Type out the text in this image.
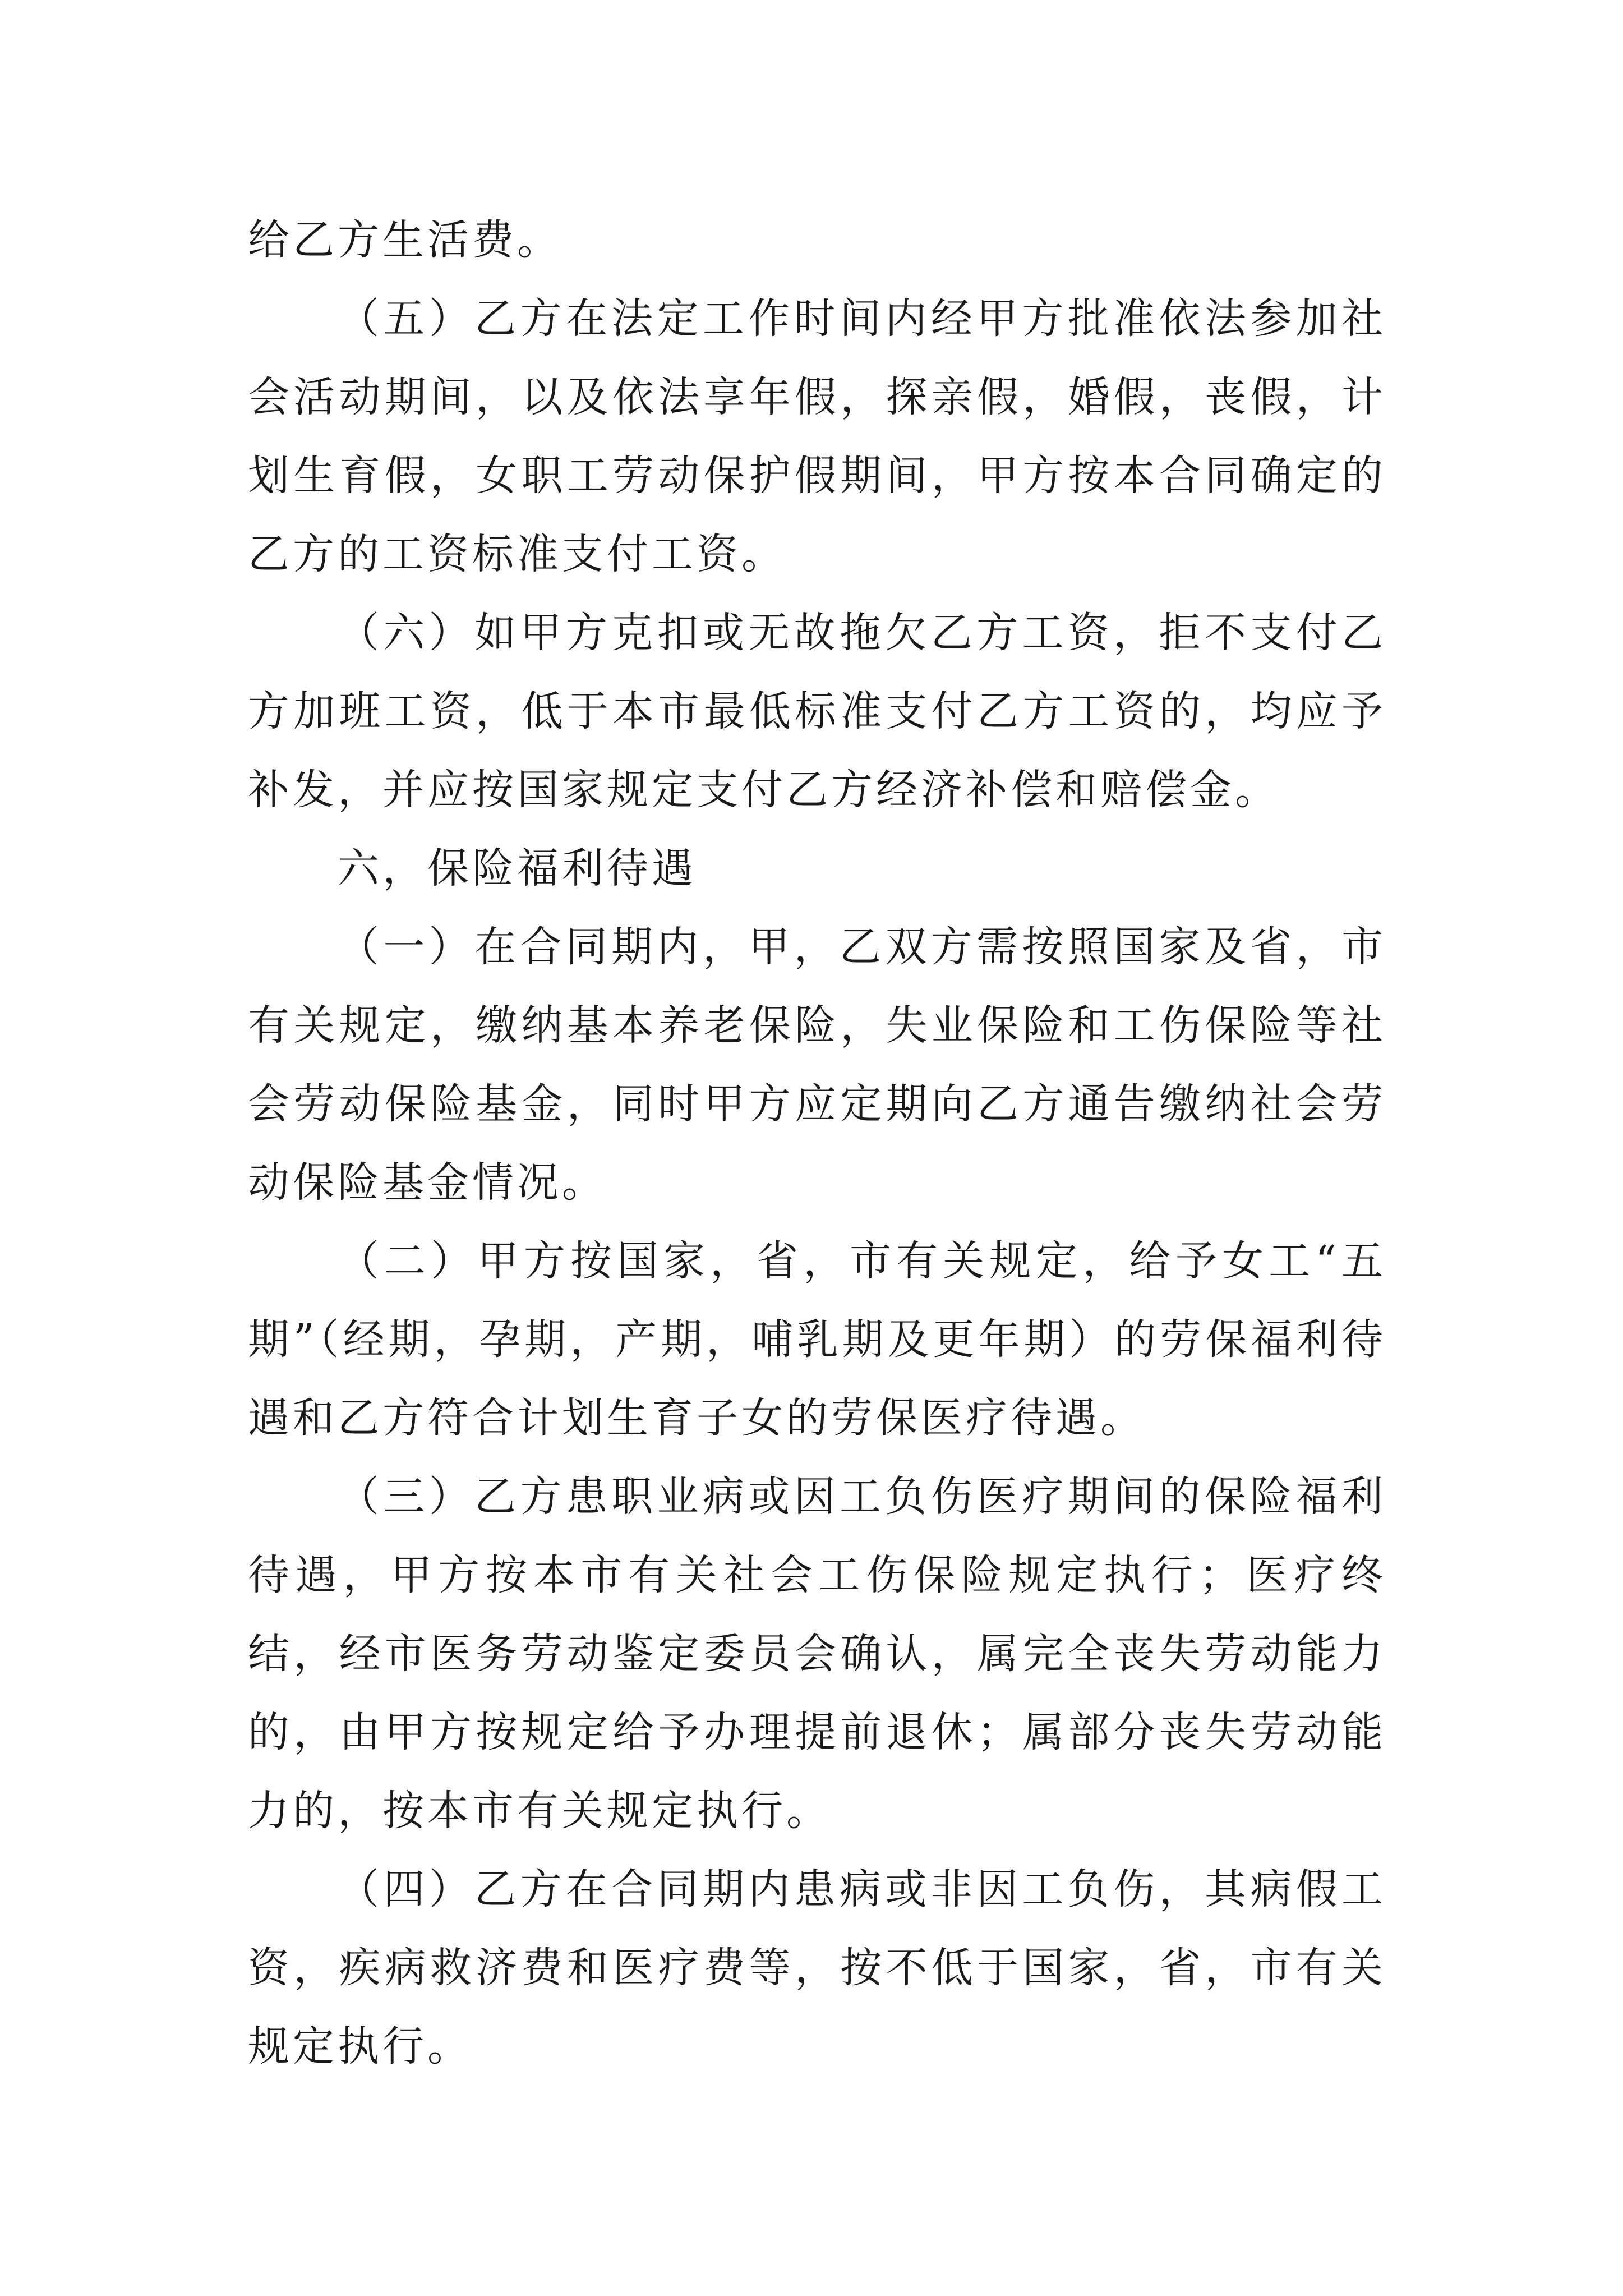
给乙方生活费。

（五）乙方在法定工作时间内经甲方批准依法参加社会活动期间，以及依法享年假，探亲假，婚假，丧假，计划生育假，女职工劳动保护假期间，甲方按本合同确定的乙方的工资标准支付工资。

（六）如甲方克扣或无故拖欠乙方工资，拒不支付乙方加班工资，低于本市最低标准支付乙方工资的，均应予补发，并应按国家规定支付乙方经济补偿和赔偿金。

六，保险福利待遇

（一）在合同期内，甲，乙双方需按照国家及省，市有关规定，缴纳基本养老保险，失业保险和工伤保险等社会劳动保险基金，同时甲方应定期向乙方通告缴纳社会劳动保险基金情况。

（二）甲方按国家，省，市有关规定，给予女工“五期”（经期，孕期，产期，哺乳期及更年期）的劳保福利待遇和乙方符合计划生育子女的劳保医疗待遇。

（三）乙方患职业病或因工负伤医疗期间的保险福利待遇，甲方按本市有关社会工伤保险规定执行；医疗终结，经市医务劳动鉴定委员会确认，属完全丧失劳动能力的，由甲方按规定给予办理提前退休；属部分丧失劳动能力的，按本市有关规定执行。

（四）乙方在合同期内患病或非因工负伤，其病假工资，疾病救济费和医疗费等，按不低于国家，省，市有关规定执行。
